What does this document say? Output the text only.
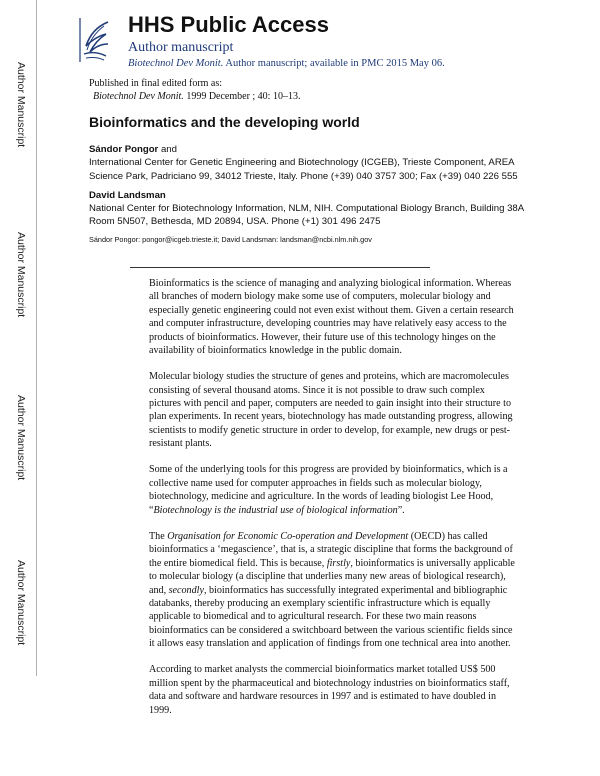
Author Manuscript
Author Manuscript
Author Manuscript
Author Manuscript
HHS Public Access
Author manuscript
Biotechnol Dev Monit. Author manuscript; available in PMC 2015 May 06.
Published in final edited form as:
Biotechnol Dev Monit. 1999 December ; 40: 10–13.
Bioinformatics and the developing world
Sándor Pongor and
International Center for Genetic Engineering and Biotechnology (ICGEB), Trieste Component, AREA Science Park, Padriciano 99, 34012 Trieste, Italy. Phone (+39) 040 3757 300; Fax (+39) 040 226 555
David Landsman
National Center for Biotechnology Information, NLM, NIH. Computational Biology Branch, Building 38A Room 5N507, Bethesda, MD 20894, USA. Phone (+1) 301 496 2475
Sándor Pongor: pongor@icgeb.trieste.it; David Landsman: landsman@ncbi.nlm.nih.gov

Bioinformatics is the science of managing and analyzing biological information. Whereas all branches of modern biology make some use of computers, molecular biology and especially genetic engineering could not even exist without them. Given a certain research and computer infrastructure, developing countries may have relatively easy access to the products of bioinformatics. However, their future use of this technology hinges on the availability of bioinformatics knowledge in the public domain.

Molecular biology studies the structure of genes and proteins, which are macromolecules consisting of several thousand atoms. Since it is not possible to draw such complex pictures with pencil and paper, computers are needed to gain insight into their structure to plan experiments. In recent years, biotechnology has made outstanding progress, allowing scientists to modify genetic structure in order to develop, for example, new drugs or pest-resistant plants.

Some of the underlying tools for this progress are provided by bioinformatics, which is a collective name used for computer approaches in fields such as molecular biology, biotechnology, medicine and agriculture. In the words of leading biologist Lee Hood, “Biotechnology is the industrial use of biological information”.

The Organisation for Economic Co-operation and Development (OECD) has called bioinformatics a ‘megascience’, that is, a strategic discipline that forms the background of the entire biomedical field. This is because, firstly, bioinformatics is universally applicable to molecular biology (a discipline that underlies many new areas of biological research), and, secondly, bioinformatics has successfully integrated experimental and bibliographic databanks, thereby producing an exemplary scientific infrastructure which is equally applicable to biomedical and to agricultural research. For these two main reasons bioinformatics can be considered a switchboard between the various scientific fields since it allows easy translation and application of findings from one technical area into another.

According to market analysts the commercial bioinformatics market totalled US$ 500 million spent by the pharmaceutical and biotechnology industries on bioinformatics staff, data and software and hardware resources in 1997 and is estimated to have doubled in 1999.
